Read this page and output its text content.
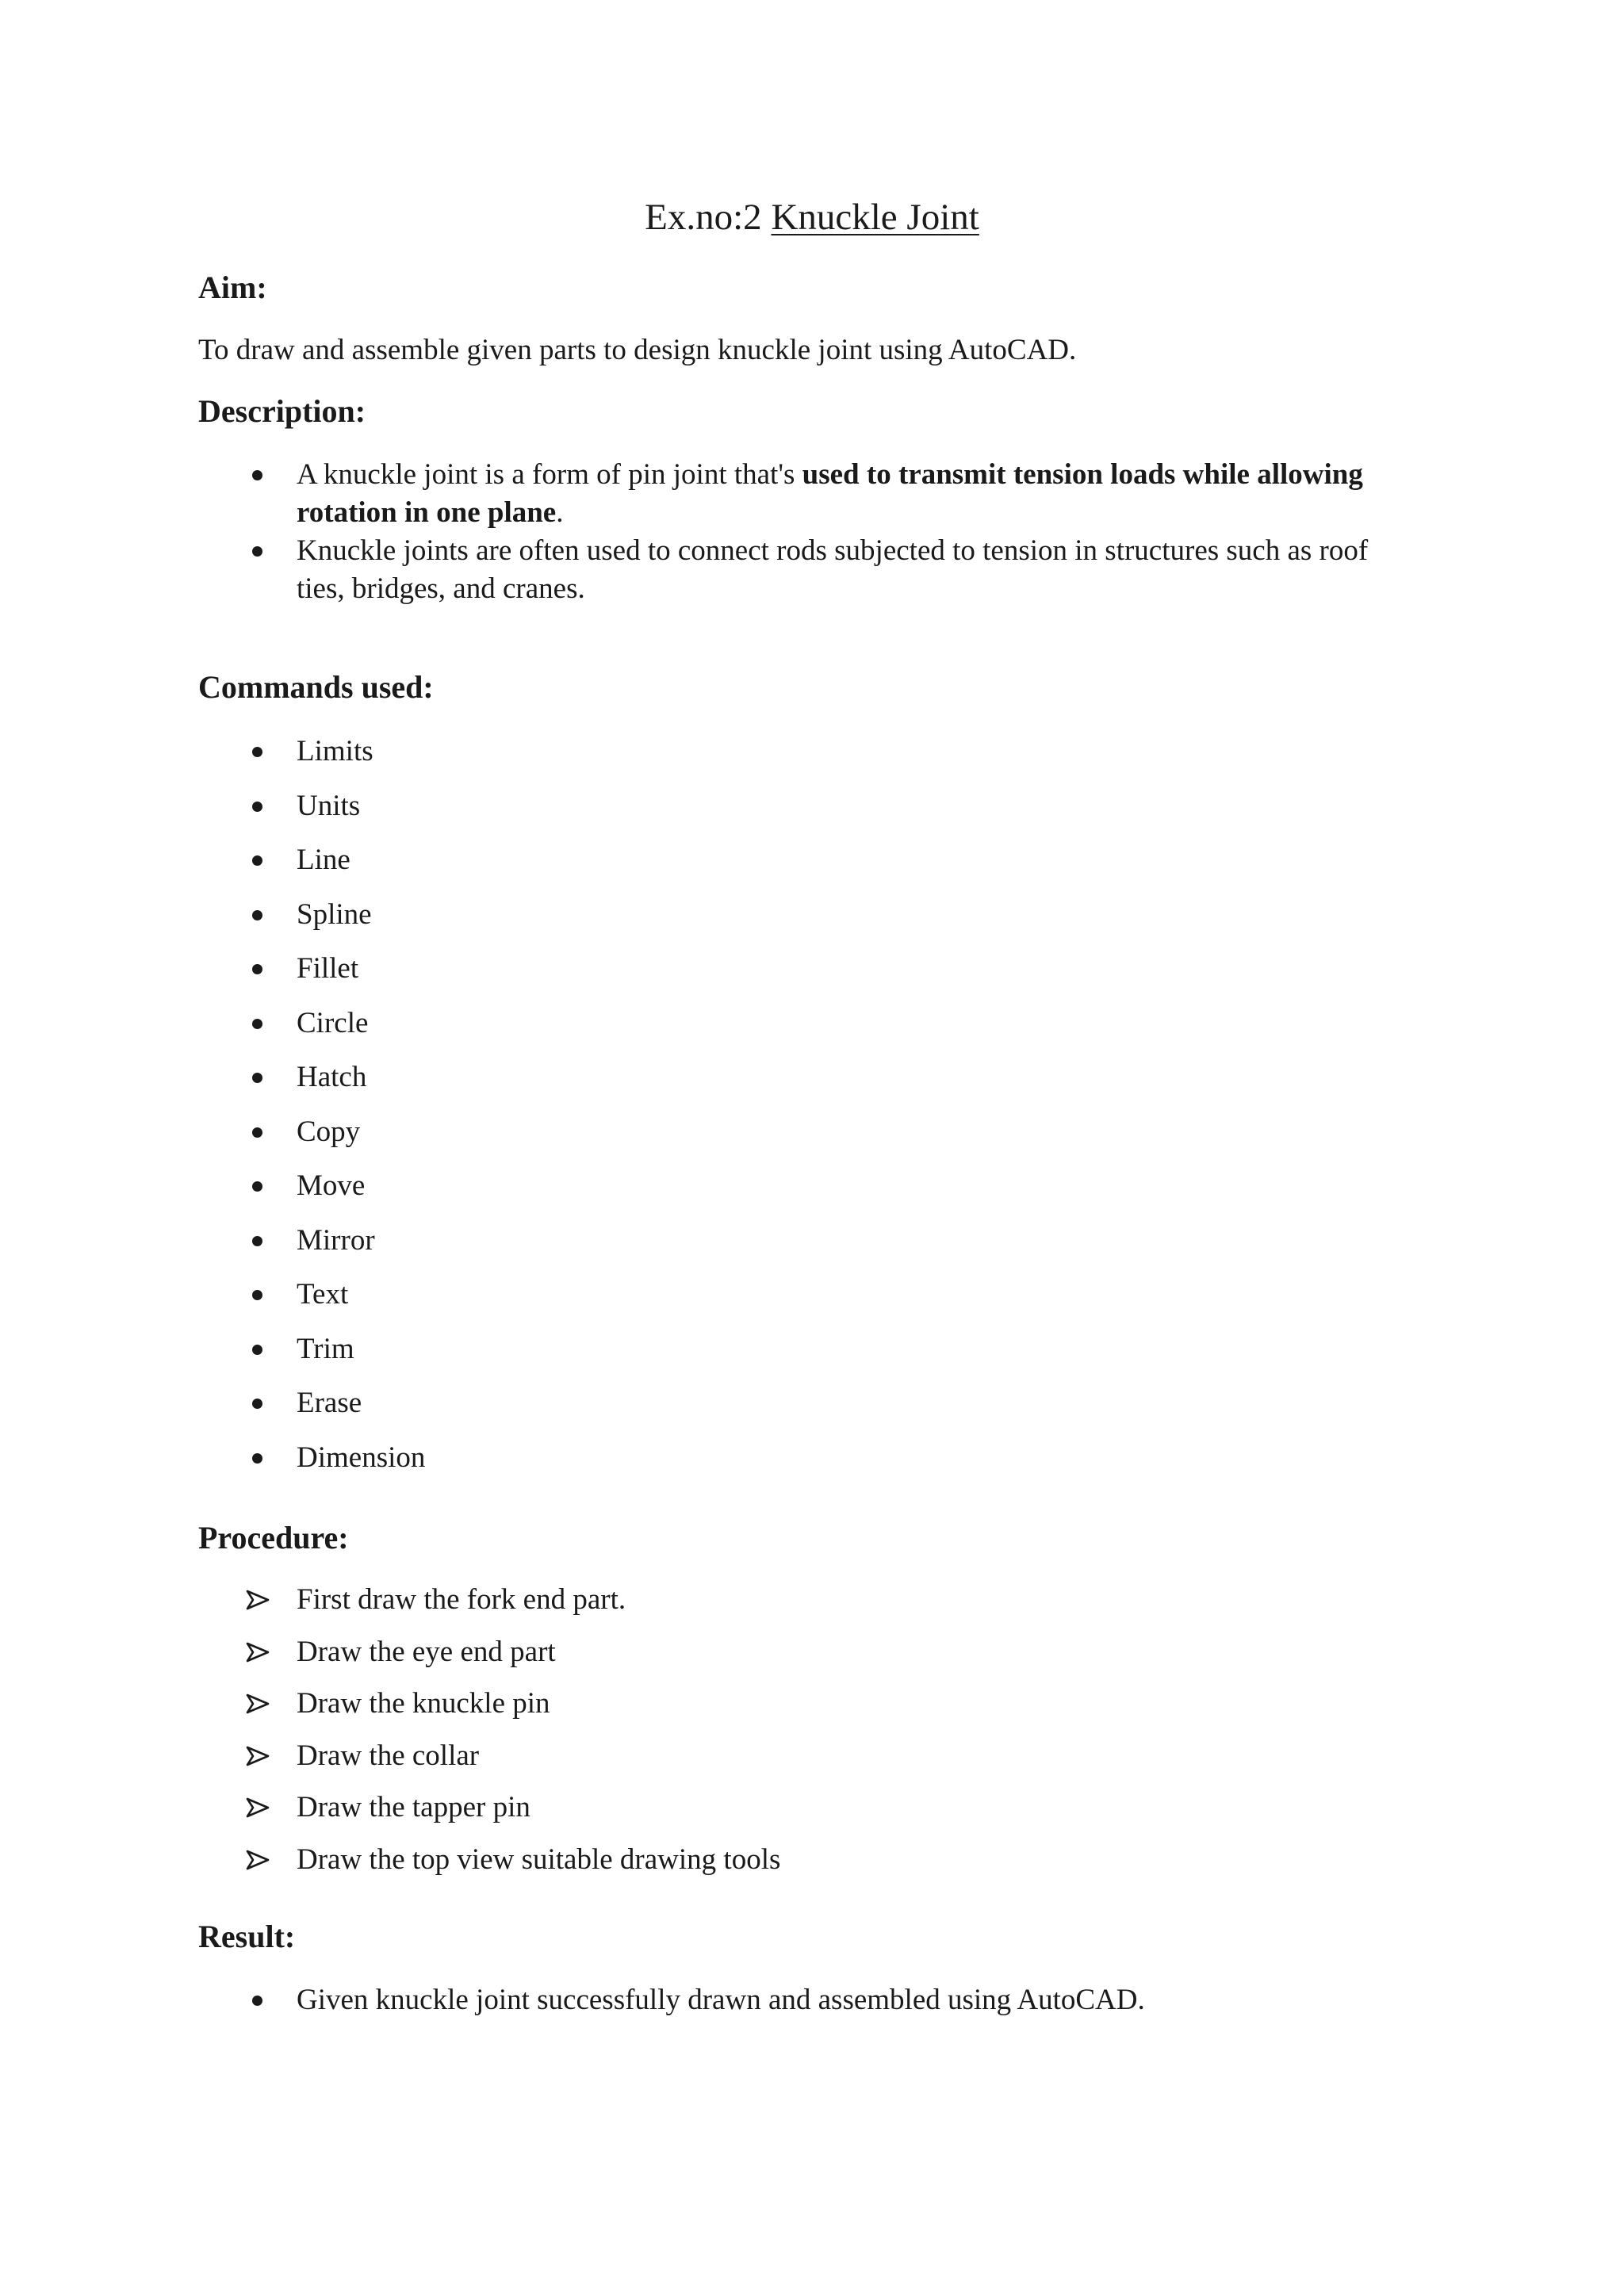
Ex.no:2 Knuckle Joint
Aim:
To draw and assemble given parts to design knuckle joint using AutoCAD.
Description:
A knuckle joint is a form of pin joint that's used to transmit tension loads while allowing
rotation in one plane.
Knuckle joints are often used to connect rods subjected to tension in structures such as roof
ties, bridges, and cranes.
Commands used:
Limits
Units
Line
Spline
Fillet
Circle
Hatch
Copy
Move
Mirror
Text
Trim
Erase
Dimension
Procedure:
First draw the fork end part.
Draw the eye end part
Draw the knuckle pin
Draw the collar
Draw the tapper pin
Draw the top view suitable drawing tools
Result:
Given knuckle joint successfully drawn and assembled using AutoCAD.
